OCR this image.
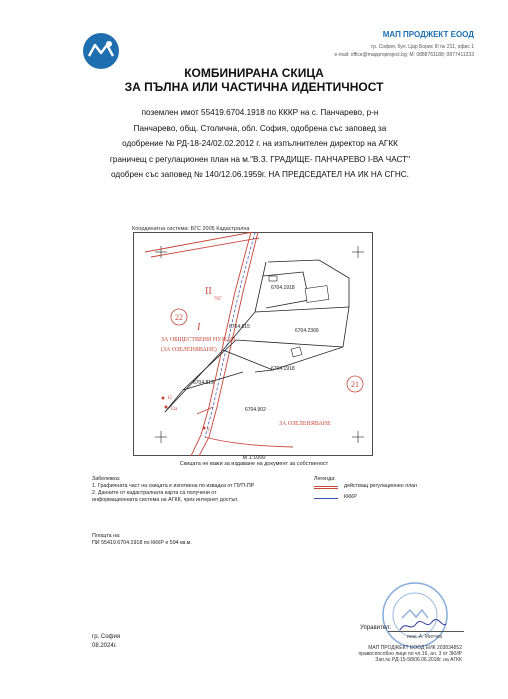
МАП ПРОДЖЕКТ ЕООД
гр. София, бул. Цар Борис III № 211, офис 1
e-mail: office@mapproproject.bg; M: 0888761188; 0877411233
КОМБИНИРАНА СКИЦА
ЗА ПЪЛНА ИЛИ ЧАСТИЧНА ИДЕНТИЧНОСТ
поземлен имот 55419.6704.1918 по КККР на с. Панчарево, р-н
Панчарево, общ. Столична, обл. София, одобрена със заповед за
одобрение № РД-18-24/02.02.2012 г. на изпълнителен директор на АГКК
граничещ с регулационен план на м."В.З. ГРАДИЩЕ- ПАНЧАРЕВО I-ВА ЧАСТ"
одобрен със заповед № 140/12.06.1959г. НА ПРЕДСЕДАТЕЛ НА ИК НА СГНС.
Координатна система: БГС 2005 Кадастрална
II
707
22
21
I
ЗА ОБЩЕСТВЕНИ НУЖДИ
(ЗА ОЗЕЛЕНЯВАНЕ)
ЗА ОЗЕЛЕНЯВАНЕ
15
12а
9
6704.1918
6704.815
6704.2366
6704.1918
6704.819
6704.902
М 1:1000
Скицата не важи за издаване на документ за собственост
Забележка:
1. Графичната част на скицата е изготвена по извадка от ПУП-ПР
2. Данните от кадастралната карта са получени от
информационната система на АГКК, чрез интернет достъп.
Легенда:
действащ регулационен план
КККР
Площта на:
ПИ 55419.6704.1918 по КККР е 594 кв.м.
Управител:
инж. А. Митчев
гр. София
08.2024г.	МАП ПРОДЖЕКТ ЕООД ЕИК 203834852
правоспособно лице по чл.16, ал. 3 от ЗКИР
Зап.№ РД-15-58/06.06.2018г. на АГКК
